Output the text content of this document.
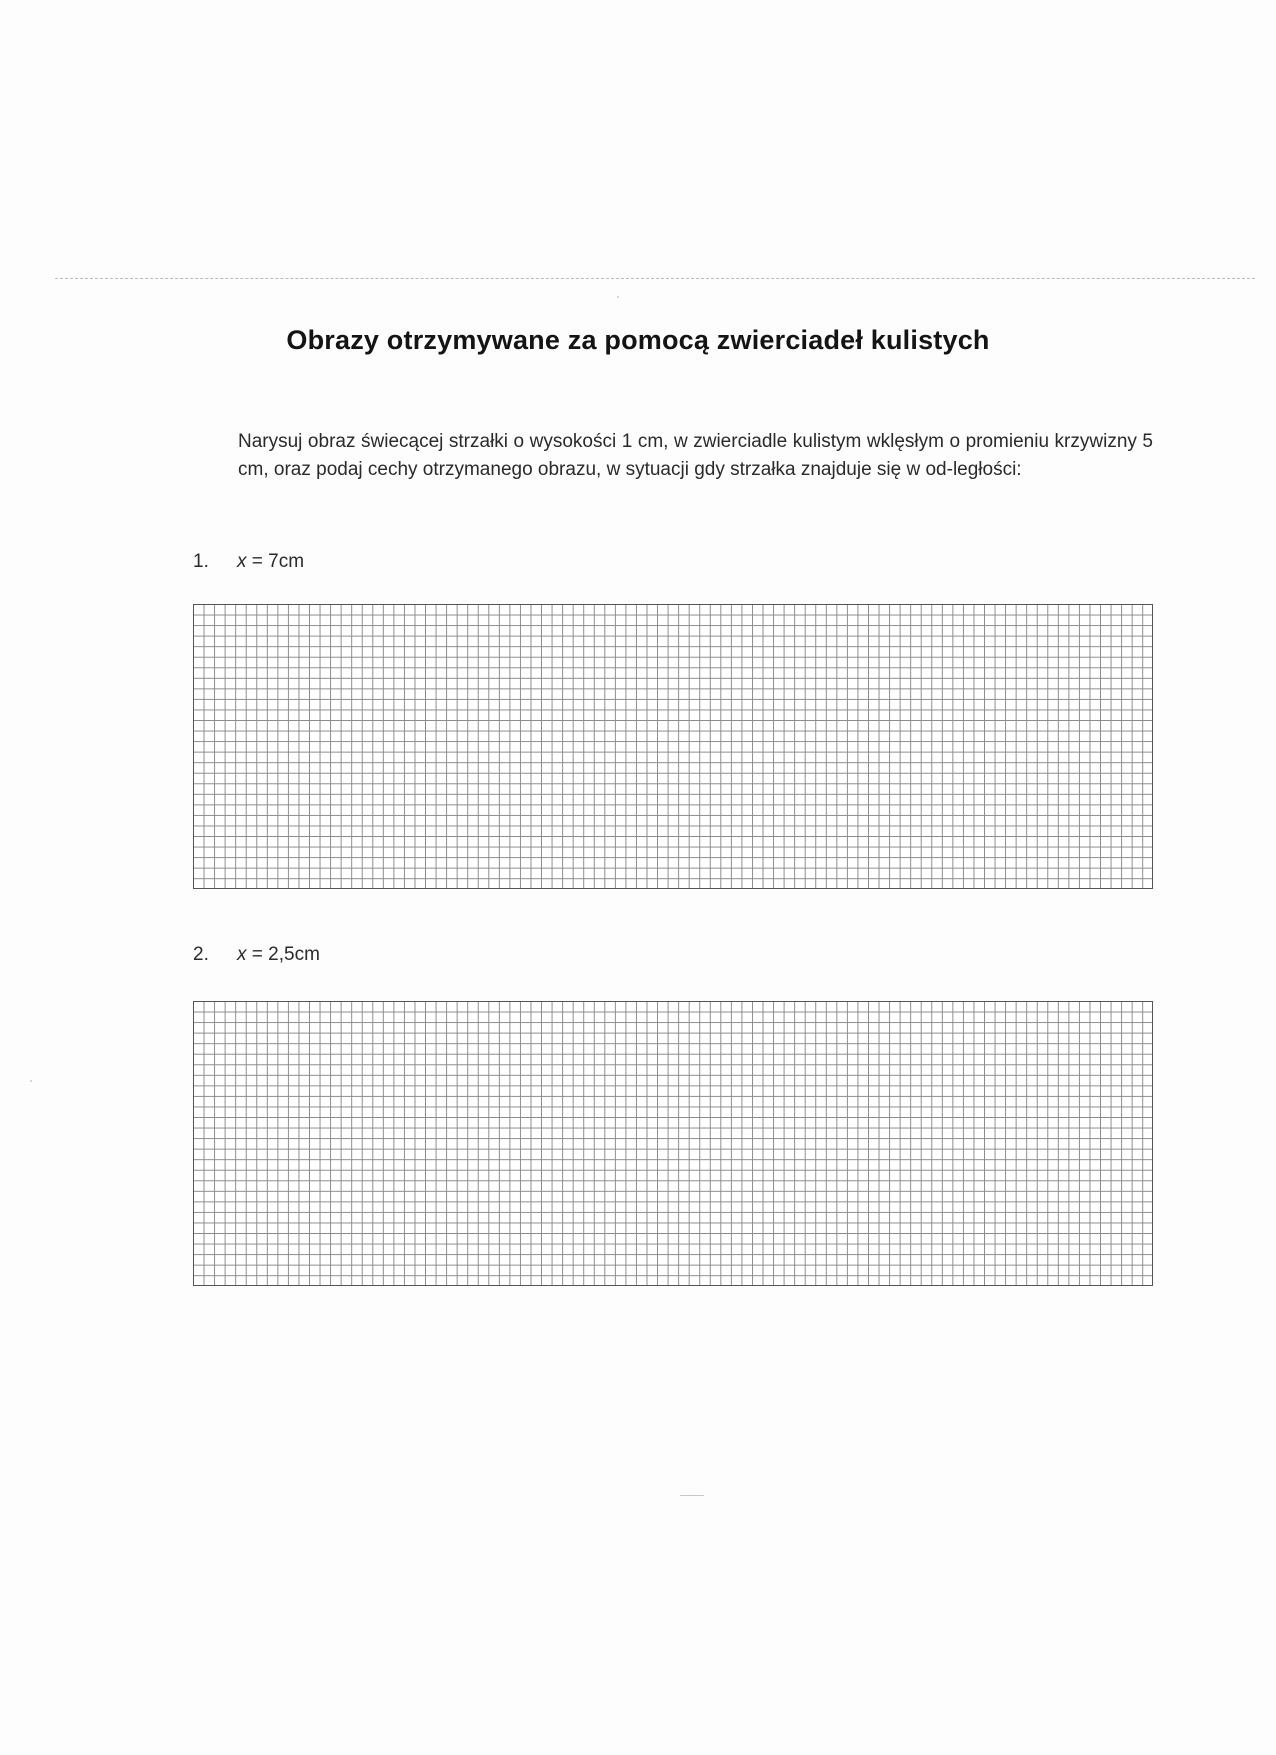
Obrazy otrzymywane za pomocą zwierciadeł kulistych
Narysuj obraz świecącej strzałki o wysokości 1 cm, w zwierciadle kulistym wklęsłym o promieniu krzywizny 5 cm, oraz podaj cechy otrzymanego obrazu, w sytuacji gdy strzałka znajduje się w od-ległości:
1. x = 7cm
2. x = 2,5cm
